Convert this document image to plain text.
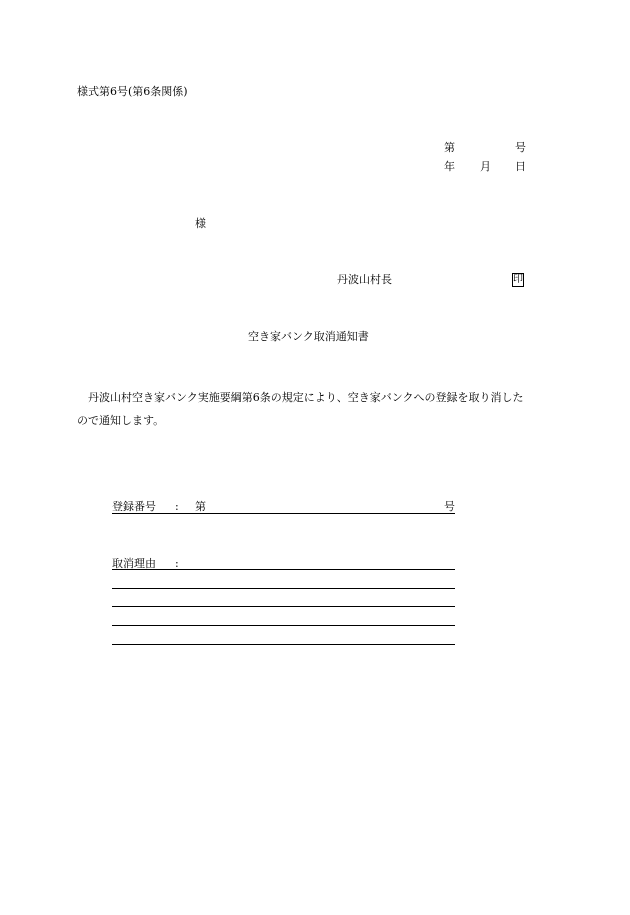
様式第6号(第6条関係)
第	号
年 月 日
様
丹波山村長	印
空き家バンク取消通知書
丹波山村空き家バンク実施要綱第6条の規定により、空き家バンクへの登録を取り消した
ので通知します。
登録番号 : 第	号
取消理由 :
